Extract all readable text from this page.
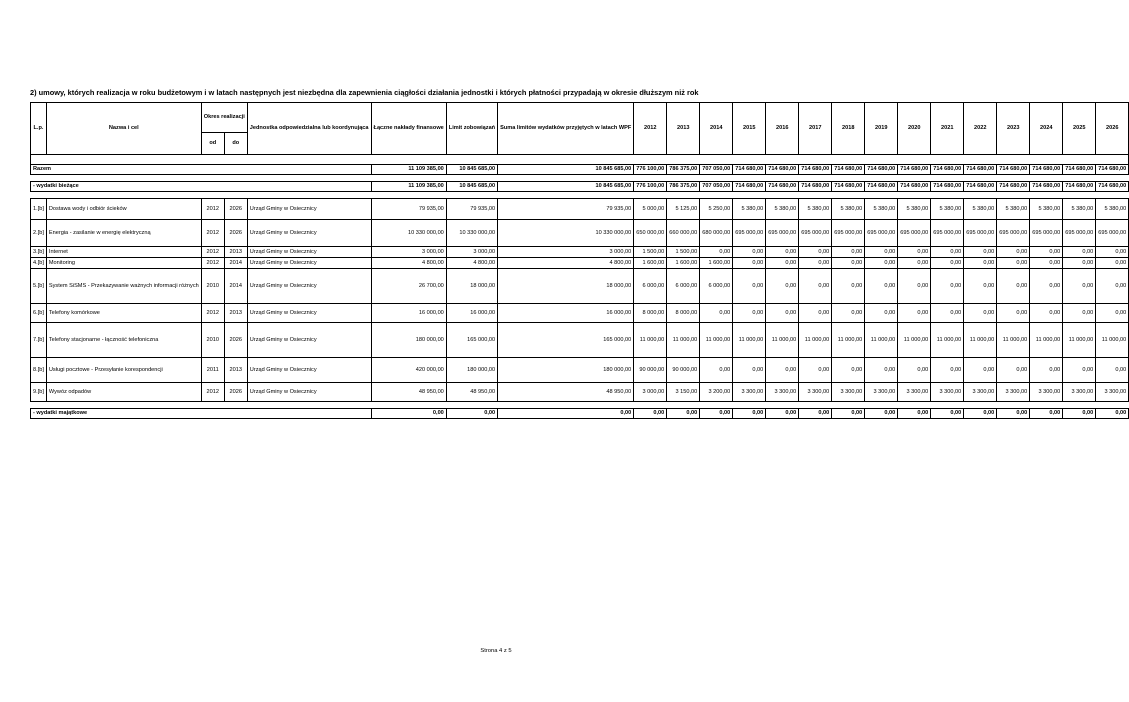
2) umowy, których realizacja w roku budżetowym i w latach następnych jest niezbędna dla zapewnienia ciągłości działania jednostki i których płatności przypadają w okresie dłuższym niż rok
L.p.	Nazwa i cel	Okres realizacji		Jednostka odpowiedzialna lub koordynująca	Łączne nakłady finansowe	Limit zobowiązań	Suma limitów wydatków przyjętych w latach WPF	2012	2013	2014	2015	2016	2017	2018	2019	2020	2021	2022	2023	2024	2025	2026
		od	do																			

Razem					11 109 385,00	10 845 685,00	10 845 685,00	776 100,00	786 375,00	707 050,00	714 680,00	714 680,00	714 680,00	714 680,00	714 680,00	714 680,00	714 680,00	714 680,00	714 680,00	714 680,00	714 680,00	714 680,00

- wydatki bieżące					11 109 385,00	10 845 685,00	10 845 685,00	776 100,00	786 375,00	707 050,00	714 680,00	714 680,00	714 680,00	714 680,00	714 680,00	714 680,00	714 680,00	714 680,00	714 680,00	714 680,00	714 680,00	714 680,00

1.[b]	Dostawa wody i odbiór ścieków	2012	2026	Urząd Gminy w Osiecznicy	79 935,00	79 935,00	79 935,00	5 000,00	5 125,00	5 250,00	5 380,00	5 380,00	5 380,00	5 380,00	5 380,00	5 380,00	5 380,00	5 380,00	5 380,00	5 380,00	5 380,00	5 380,00
2.[b]	Energia - zasilanie w energię elektryczną	2012	2026	Urząd Gminy w Osiecznicy	10 330 000,00	10 330 000,00	10 330 000,00	650 000,00	660 000,00	680 000,00	695 000,00	695 000,00	695 000,00	695 000,00	695 000,00	695 000,00	695 000,00	695 000,00	695 000,00	695 000,00	695 000,00	695 000,00
3.[b]	Internet	2012	2013	Urząd Gminy w Osiecznicy	3 000,00	3 000,00	3 000,00	1 500,00	1 500,00	0,00	0,00	0,00	0,00	0,00	0,00	0,00	0,00	0,00	0,00	0,00	0,00	0,00
4.[b]	Monitoring	2012	2014	Urząd Gminy w Osiecznicy	4 800,00	4 800,00	4 800,00	1 600,00	1 600,00	1 600,00	0,00	0,00	0,00	0,00	0,00	0,00	0,00	0,00	0,00	0,00	0,00	0,00
5.[b]	System SiSMS - Przekazywanie ważnych informacji różnych	2010	2014	Urząd Gminy w Osiecznicy	26 700,00	18 000,00	18 000,00	6 000,00	6 000,00	6 000,00	0,00	0,00	0,00	0,00	0,00	0,00	0,00	0,00	0,00	0,00	0,00	0,00
6.[b]	Telefony komórkowe	2012	2013	Urząd Gminy w Osiecznicy	16 000,00	16 000,00	16 000,00	8 000,00	8 000,00	0,00	0,00	0,00	0,00	0,00	0,00	0,00	0,00	0,00	0,00	0,00	0,00	0,00
7.[b]	Telefony stacjonarne - łączność telefoniczna	2010	2026	Urząd Gminy w Osiecznicy	180 000,00	165 000,00	165 000,00	11 000,00	11 000,00	11 000,00	11 000,00	11 000,00	11 000,00	11 000,00	11 000,00	11 000,00	11 000,00	11 000,00	11 000,00	11 000,00	11 000,00	11 000,00
8.[b]	Usługi pocztowe - Przesyłanie korespondencji	2011	2013	Urząd Gminy w Osiecznicy	420 000,00	180 000,00	180 000,00	90 000,00	90 000,00	0,00	0,00	0,00	0,00	0,00	0,00	0,00	0,00	0,00	0,00	0,00	0,00	0,00
9.[b]	Wywóz odpadów	2012	2026	Urząd Gminy w Osiecznicy	48 950,00	48 950,00	48 950,00	3 000,00	3 150,00	3 200,00	3 300,00	3 300,00	3 300,00	3 300,00	3 300,00	3 300,00	3 300,00	3 300,00	3 300,00	3 300,00	3 300,00	3 300,00

- wydatki majątkowe					0,00	0,00	0,00	0,00	0,00	0,00	0,00	0,00	0,00	0,00	0,00	0,00	0,00	0,00	0,00	0,00	0,00	0,00
Strona 4 z 5
